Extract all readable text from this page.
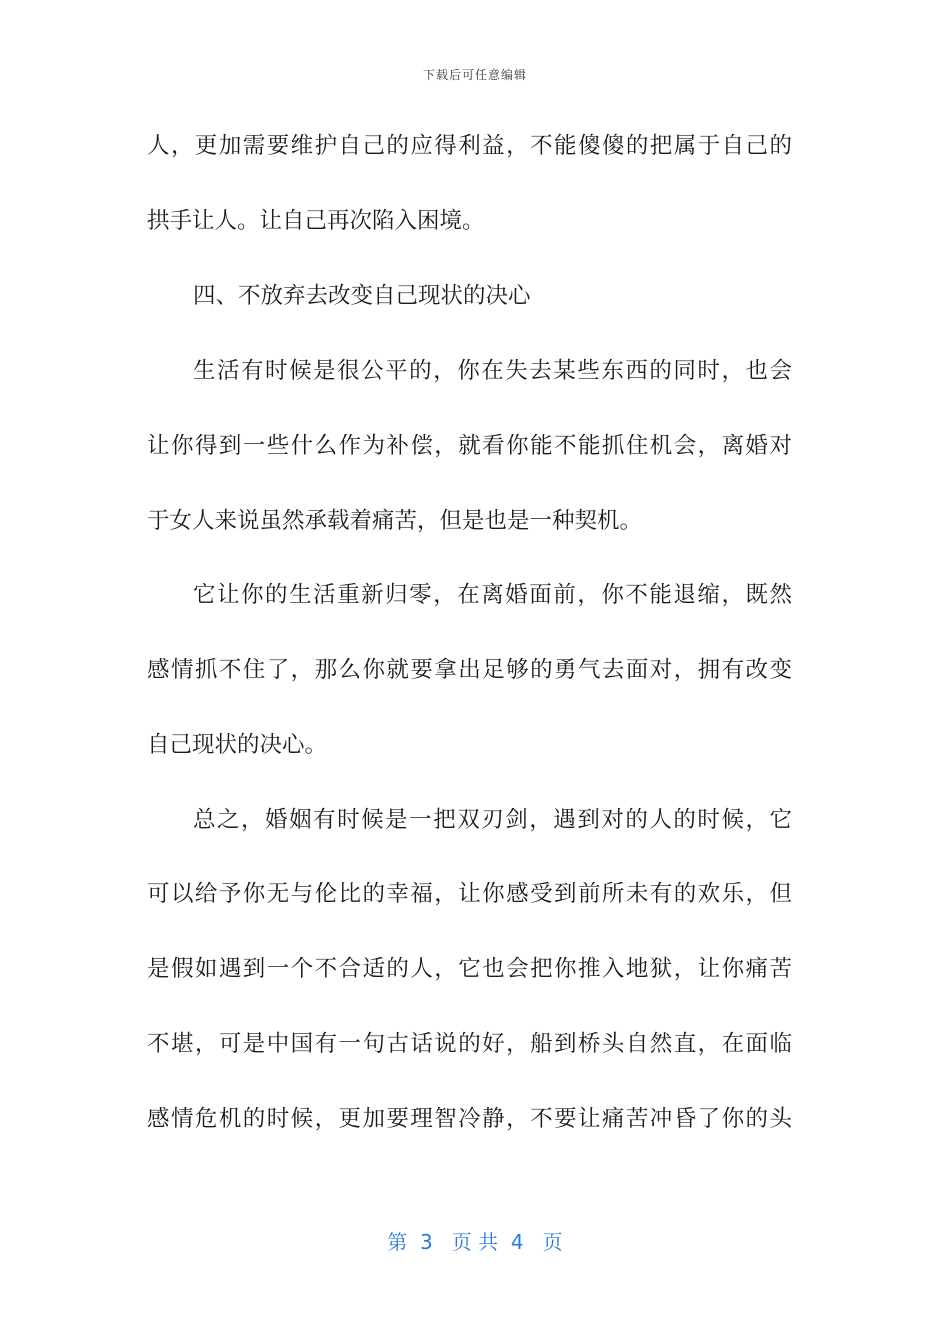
下载后可任意编辑
人，更加需要维护自己的应得利益，不能傻傻的把属于自己的
拱手让人。让自己再次陷入困境。
四、不放弃去改变自己现状的决心
生活有时候是很公平的，你在失去某些东西的同时，也会
让你得到一些什么作为补偿，就看你能不能抓住机会，离婚对
于女人来说虽然承载着痛苦，但是也是一种契机。
它让你的生活重新归零，在离婚面前，你不能退缩，既然
感情抓不住了，那么你就要拿出足够的勇气去面对，拥有改变
自己现状的决心。
总之，婚姻有时候是一把双刃剑，遇到对的人的时候，它
可以给予你无与伦比的幸福，让你感受到前所未有的欢乐，但
是假如遇到一个不合适的人，它也会把你推入地狱，让你痛苦
不堪，可是中国有一句古话说的好，船到桥头自然直，在面临
感情危机的时候，更加要理智冷静，不要让痛苦冲昏了你的头
第  3   页 共  4   页
